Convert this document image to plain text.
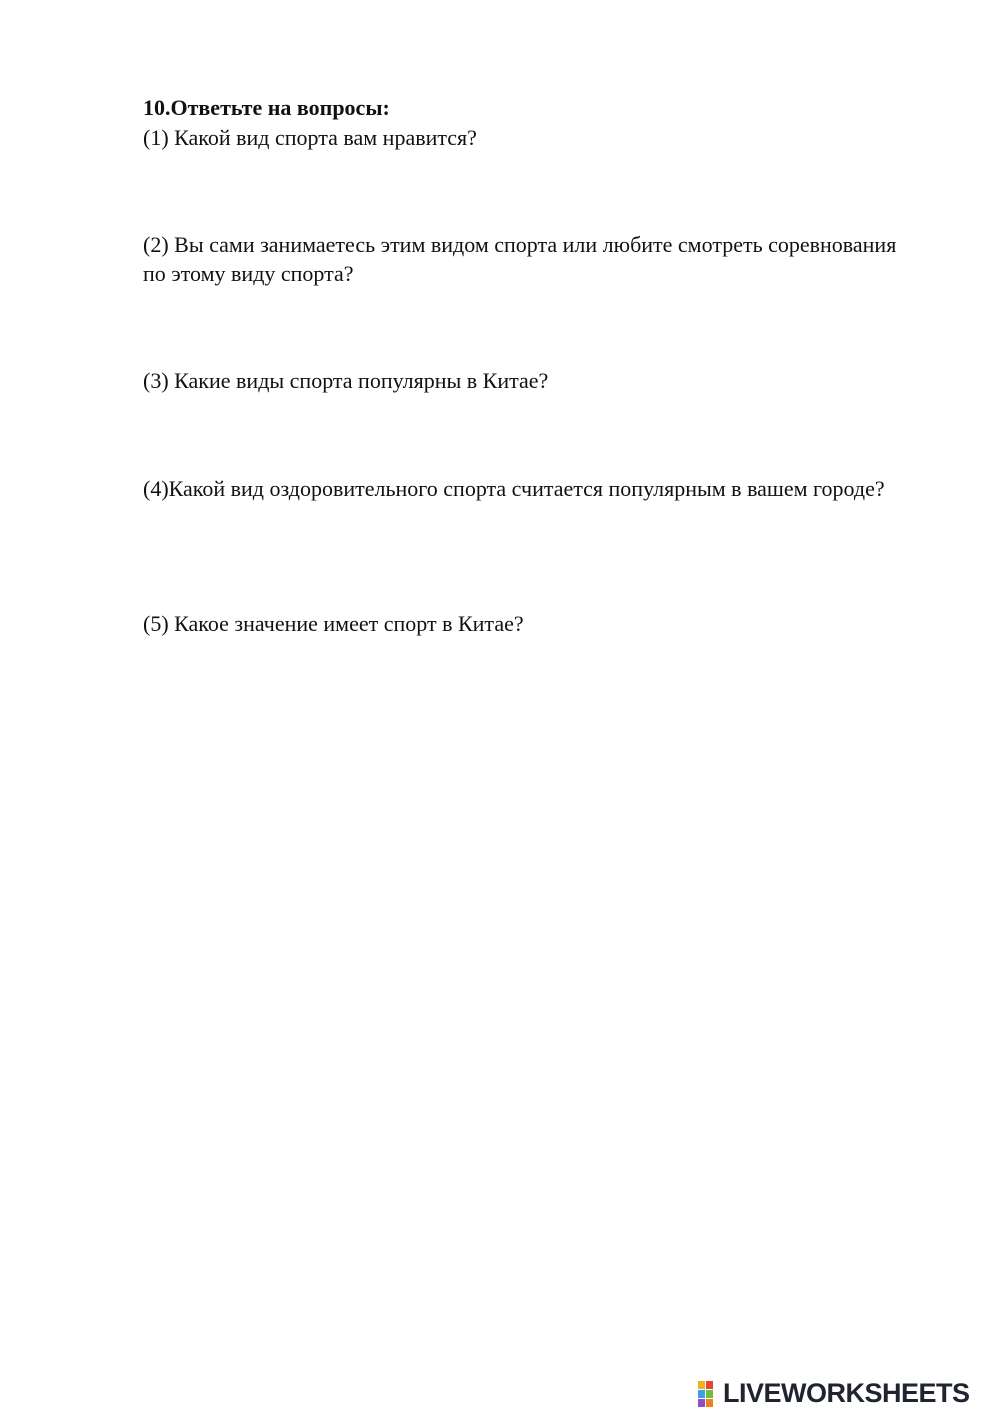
10.Ответьте на вопросы:

(1) Какой вид спорта вам нравится?

(2) Вы сами занимаетесь этим видом спорта или любите смотреть соревнования по этому виду спорта?

(3) Какие виды спорта популярны в Китае?

(4)Какой вид оздоровительного спорта считается популярным в вашем городе?

(5) Какое значение имеет спорт в Китае?

LIVEWORKSHEETS
